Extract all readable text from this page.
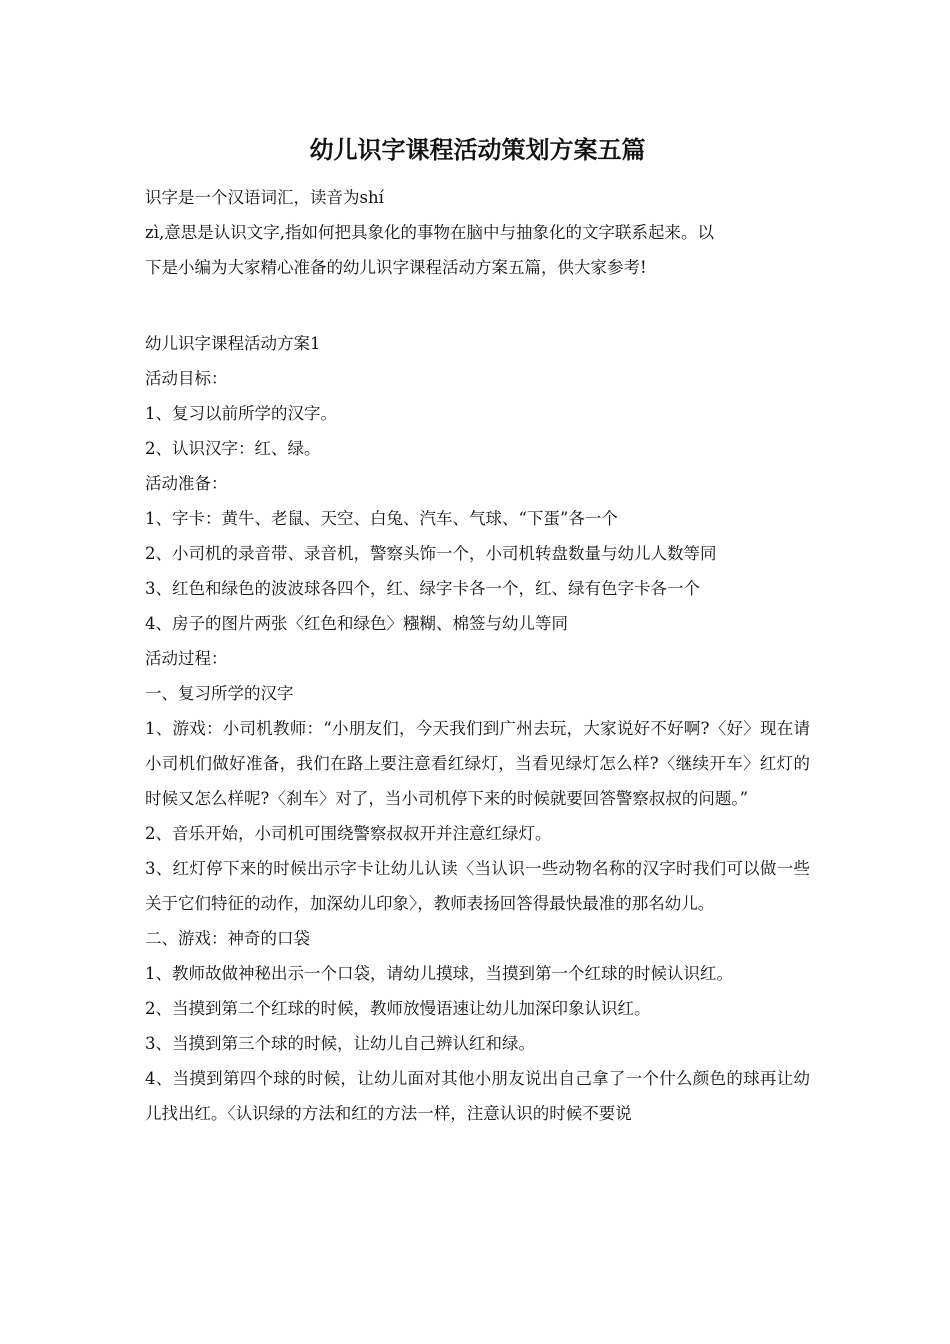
幼儿识字课程活动策划方案五篇

识字是一个汉语词汇，读音为shí

zì,意思是认识文字,指如何把具象化的事物在脑中与抽象化的文字联系起来。以

下是小编为大家精心准备的幼儿识字课程活动方案五篇，供大家参考!

幼儿识字课程活动方案1

活动目标：

1、复习以前所学的汉字。

2、认识汉字：红、绿。

活动准备：

1、字卡：黄牛、老鼠、天空、白兔、汽车、气球、“下蛋”各一个

2、小司机的录音带、录音机，警察头饰一个，小司机转盘数量与幼儿人数等同

3、红色和绿色的波波球各四个，红、绿字卡各一个，红、绿有色字卡各一个

4、房子的图片两张〈红色和绿色〉糨糊、棉签与幼儿等同

活动过程：

一、复习所学的汉字

1、游戏：小司机教师：“小朋友们，今天我们到广州去玩，大家说好不好啊?〈好〉现在请小司机们做好准备，我们在路上要注意看红绿灯，当看见绿灯怎么样?〈继续开车〉红灯的时候又怎么样呢?〈刹车〉对了，当小司机停下来的时候就要回答警察叔叔的问题。”

2、音乐开始，小司机可围绕警察叔叔开并注意红绿灯。

3、红灯停下来的时候出示字卡让幼儿认读〈当认识一些动物名称的汉字时我们可以做一些关于它们特征的动作，加深幼儿印象〉，教师表扬回答得最快最准的那名幼儿。

二、游戏：神奇的口袋

1、教师故做神秘出示一个口袋，请幼儿摸球，当摸到第一个红球的时候认识红。

2、当摸到第二个红球的时候，教师放慢语速让幼儿加深印象认识红。

3、当摸到第三个球的时候，让幼儿自己辨认红和绿。

4、当摸到第四个球的时候，让幼儿面对其他小朋友说出自己拿了一个什么颜色的球再让幼儿找出红。〈认识绿的方法和红的方法一样，注意认识的时候不要说
